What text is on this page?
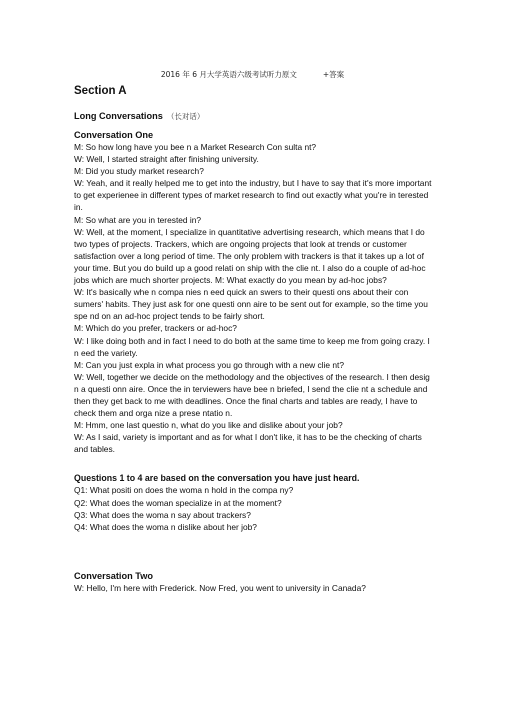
2016 年 6 月大学英语六级考试听力原文	+答案
Section A
Long Conversations （长对话）
Conversation One

M: So how long have you bee n a Market Research Con sulta nt?

W: Well, I started straight after finishing university.

M: Did you study market research?

W: Yeah, and it really helped me to get into the industry, but I have to say that it's more important

to get experienee in different types of market research to find out exactly what you're in terested

in.

M: So what are you in terested in?

W: Well, at the moment, I specialize in quantitative advertising research, which means that I do

two types of projects. Trackers, which are ongoing projects that look at trends or customer

satisfaction over a long period of time. The only problem with trackers is that it takes up a lot of

your time. But you do build up a good relati on ship with the clie nt. I also do a couple of ad-hoc

jobs which are much shorter projects. M: What exactly do you mean by ad-hoc jobs?

W: It's basically whe n compa nies n eed quick an swers to their questi ons about their con

sumers' habits. They just ask for one questi onn aire to be sent out for example, so the time you

spe nd on an ad-hoc project tends to be fairly short.

M: Which do you prefer, trackers or ad-hoc?

W: I like doing both and in fact I need to do both at the same time to keep me from going crazy. I

n eed the variety.

M: Can you just expla in what process you go through with a new clie nt?

W: Well, together we decide on the methodology and the objectives of the research. I then desig

n a questi onn aire. Once the in terviewers have bee n briefed, I send the clie nt a schedule and

then they get back to me with deadlines. Once the final charts and tables are ready, I have to

check them and orga nize a prese ntatio n.

M: Hmm, one last questio n, what do you like and dislike about your job?

W: As I said, variety is important and as for what I don't like, it has to be the checking of charts

and tables.

Questions 1 to 4 are based on the conversation you have just heard.

Q1: What positi on does the woma n hold in the compa ny?

Q2: What does the woman specialize in at the moment?

Q3: What does the woma n say about trackers?

Q4: What does the woma n dislike about her job?

Conversation Two

W: Hello, I'm here with Frederick. Now Fred, you went to university in Canada?
